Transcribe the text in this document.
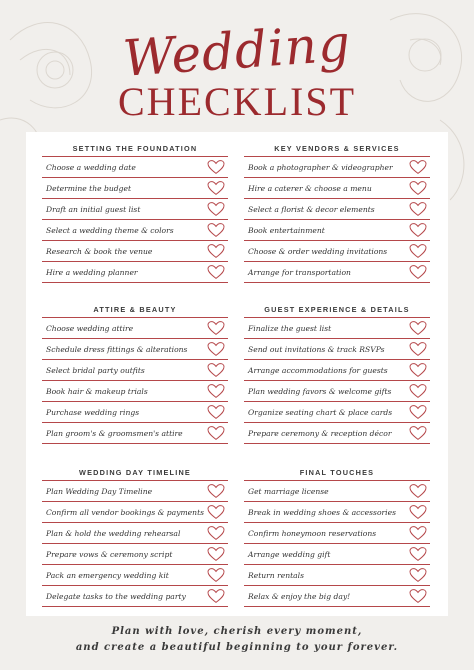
Wedding
CHECKLIST
SETTING THE FOUNDATION
Choose a wedding date
Determine the budget
Draft an initial guest list
Select a wedding theme & colors
Research & book the venue
Hire a wedding planner
KEY VENDORS & SERVICES
Book a photographer & videographer
Hire a caterer & choose a menu
Select a florist & decor elements
Book entertainment
Choose & order wedding invitations
Arrange for transportation
ATTIRE & BEAUTY
Choose wedding attire
Schedule dress fittings & alterations
Select bridal party outfits
Book hair & makeup trials
Purchase wedding rings
Plan groom's & groomsmen's attire
GUEST EXPERIENCE & DETAILS
Finalize the guest list
Send out invitations & track RSVPs
Arrange accommodations for guests
Plan wedding favors & welcome gifts
Organize seating chart & place cards
Prepare ceremony & reception décor
WEDDING DAY TIMELINE
Plan Wedding Day Timeline
Confirm all vendor bookings & payments
Plan & hold the wedding rehearsal
Prepare vows & ceremony script
Pack an emergency wedding kit
Delegate tasks to the wedding party
FINAL TOUCHES
Get marriage license
Break in wedding shoes & accessories
Confirm honeymoon reservations
Arrange wedding gift
Return rentals
Relax & enjoy the big day!
Plan with love, cherish every moment,
and create a beautiful beginning to your forever.
